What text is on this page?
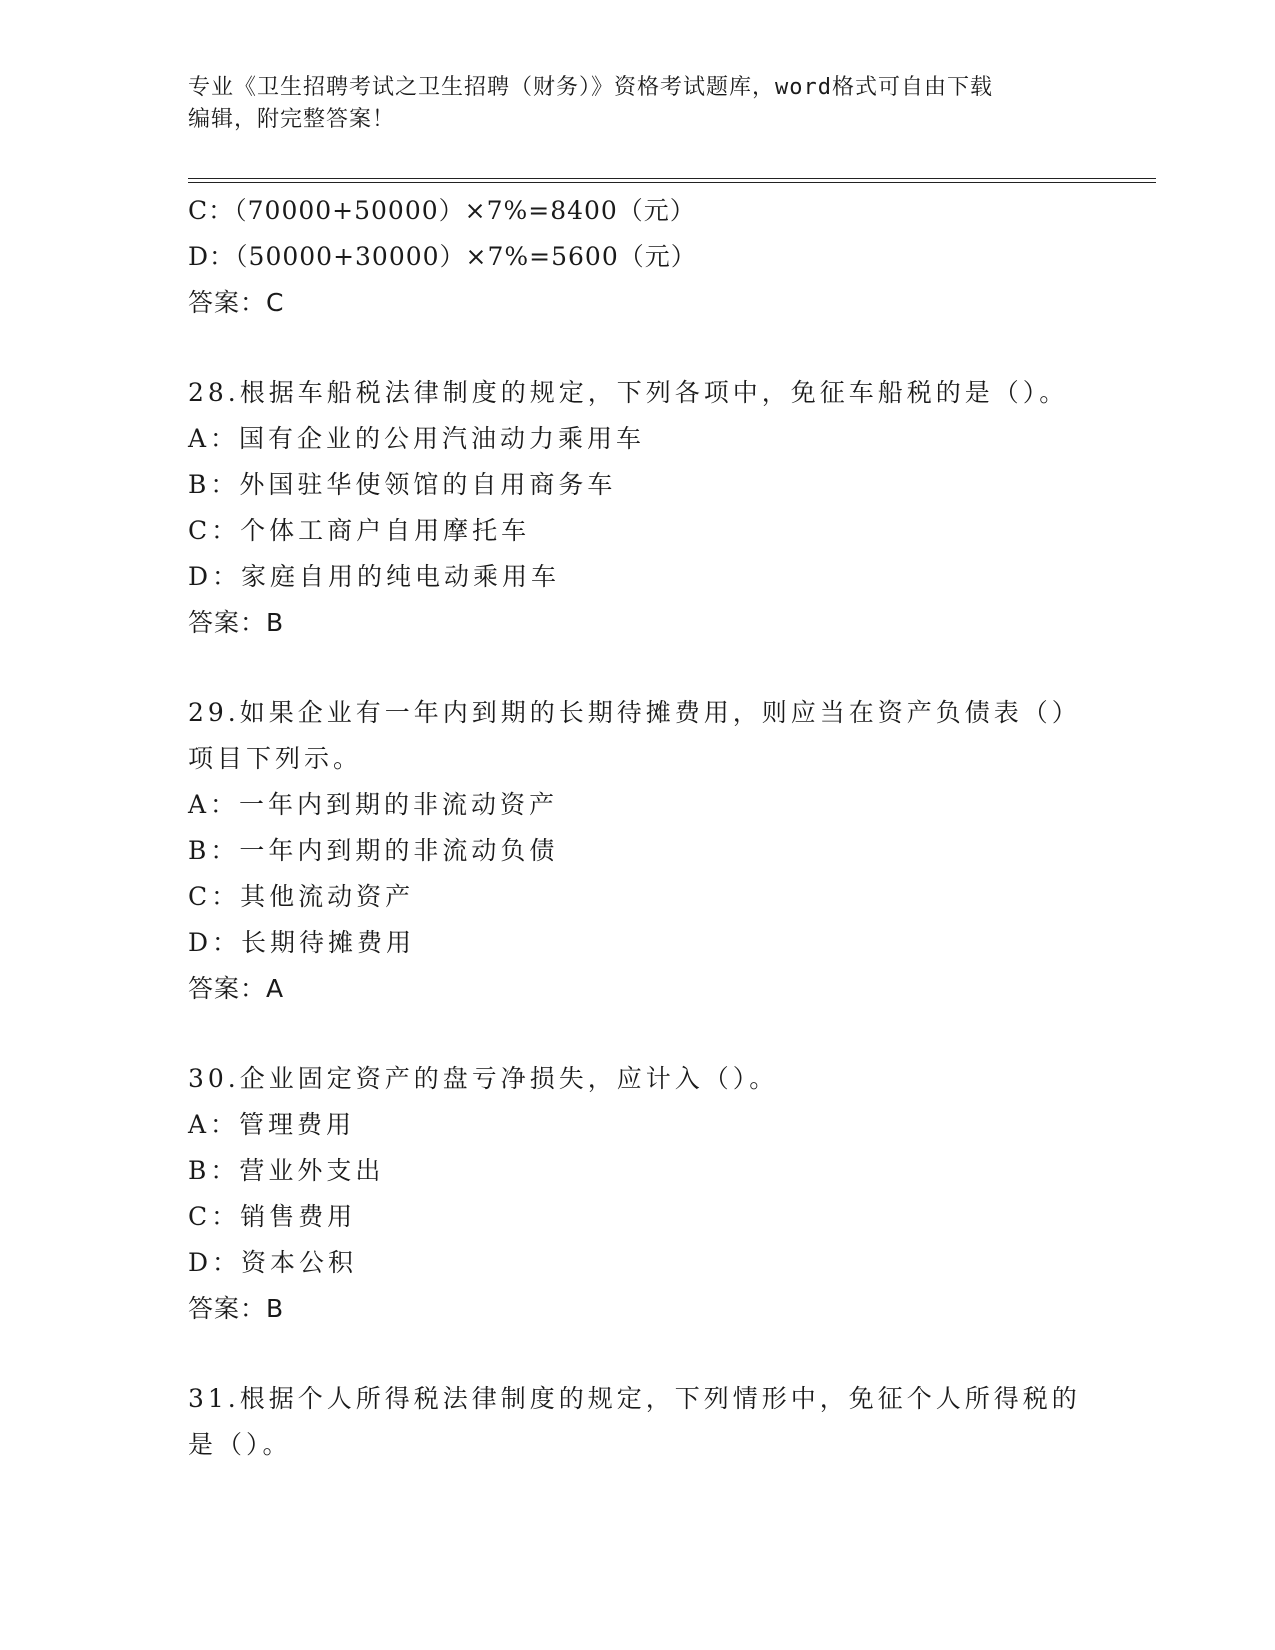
专业《卫生招聘考试之卫生招聘（财务）》资格考试题库，word格式可自由下载
编辑，附完整答案！
C：（70000+50000）×7%=8400（元）
D：（50000+30000）×7%=5600（元）
答案：C
28.根据车船税法律制度的规定，下列各项中，免征车船税的是（）。
A：国有企业的公用汽油动力乘用车
B：外国驻华使领馆的自用商务车
C：个体工商户自用摩托车
D：家庭自用的纯电动乘用车
答案：B
29.如果企业有一年内到期的长期待摊费用，则应当在资产负债表（）
项目下列示。
A：一年内到期的非流动资产
B：一年内到期的非流动负债
C：其他流动资产
D：长期待摊费用
答案：A
30.企业固定资产的盘亏净损失，应计入（）。
A：管理费用
B：营业外支出
C：销售费用
D：资本公积
答案：B
31.根据个人所得税法律制度的规定，下列情形中，免征个人所得税的
是（）。
